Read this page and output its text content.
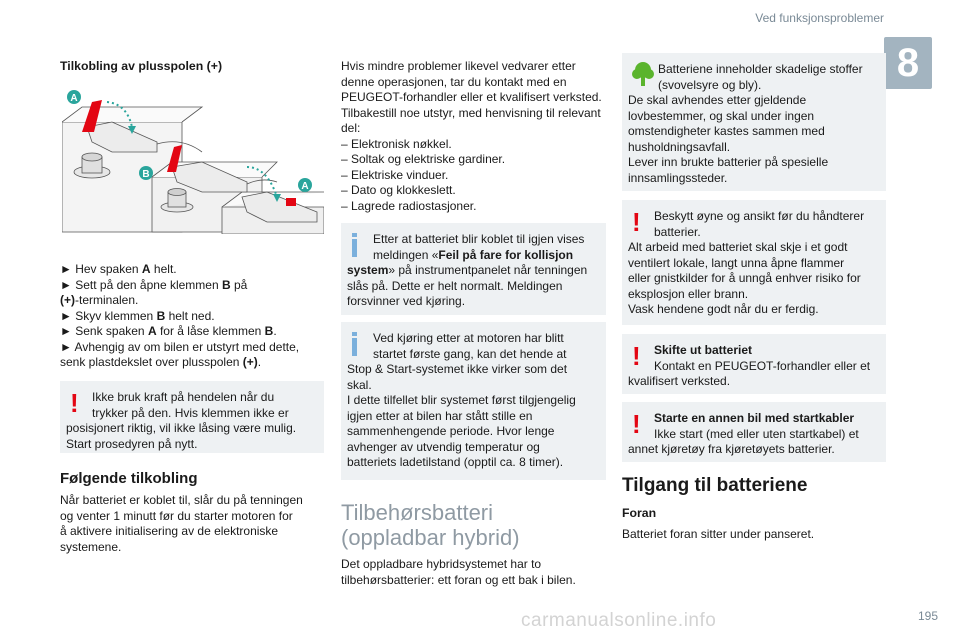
Ved funksjonsproblemer
8
195
carmanualsonline.info
Tilkobling av plusspolen (+)
A
B
A
► Hev spaken A helt.
► Sett på den åpne klemmen B på
(+)-terminalen.
► Skyv klemmen B helt ned.
► Senk spaken A for å låse klemmen B.
► Avhengig av om bilen er utstyrt med dette,
senk plastdekslet over plusspolen (+).
!	Ikke bruk kraft på hendelen når du

trykker på den. Hvis klemmen ikke er

posisjonert riktig, vil ikke låsing være mulig.

Start prosedyren på nytt.

Følgende tilkobling

Når batteriet er koblet til, slår du på tenningen

og venter 1 minutt før du starter motoren for

å aktivere initialisering av de elektroniske

systemene.

Hvis mindre problemer likevel vedvarer etter

denne operasjonen, tar du kontakt med en

PEUGEOT-forhandler eller et kvalifisert verksted.

Tilbakestill noe utstyr, med henvisning til relevant

del:

– Elektronisk nøkkel.

– Soltak og elektriske gardiner.

– Elektriske vinduer.

– Dato og klokkeslett.

– Lagrede radiostasjoner.

Etter at batteriet blir koblet til igjen vises

meldingen «Feil på fare for kollisjon

system» på instrumentpanelet når tenningen

slås på. Dette er helt normalt. Meldingen

forsvinner ved kjøring.

Ved kjøring etter at motoren har blitt

startet første gang, kan det hende at

Stop & Start-systemet ikke virker som det

skal.

I dette tilfellet blir systemet først tilgjengelig

igjen etter at bilen har stått stille en

sammenhengende periode. Hvor lenge

avhenger av utvendig temperatur og

batteriets ladetilstand (opptil ca. 8 timer).

Tilbehørsbatteri

(oppladbar hybrid)

Det oppladbare hybridsystemet har to

tilbehørsbatterier: ett foran og ett bak i bilen.

Batteriene inneholder skadelige stoffer

(svovelsyre og bly).

De skal avhendes etter gjeldende

lovbestemmer, og skal under ingen

omstendigheter kastes sammen med

husholdningsavfall.

Lever inn brukte batterier på spesielle

innsamlingssteder.

!	Beskytt øyne og ansikt før du håndterer

batterier.

Alt arbeid med batteriet skal skje i et godt

ventilert lokale, langt unna åpne flammer

eller gnistkilder for å unngå enhver risiko for

eksplosjon eller brann.

Vask hendene godt når du er ferdig.

!	Skifte ut batteriet

Kontakt en PEUGEOT-forhandler eller et

kvalifisert verksted.

!	Starte en annen bil med startkabler

Ikke start (med eller uten startkabel) et

annet kjøretøy fra kjøretøyets batterier.

Tilgang til batteriene
Foran
Batteriet foran sitter under panseret.
